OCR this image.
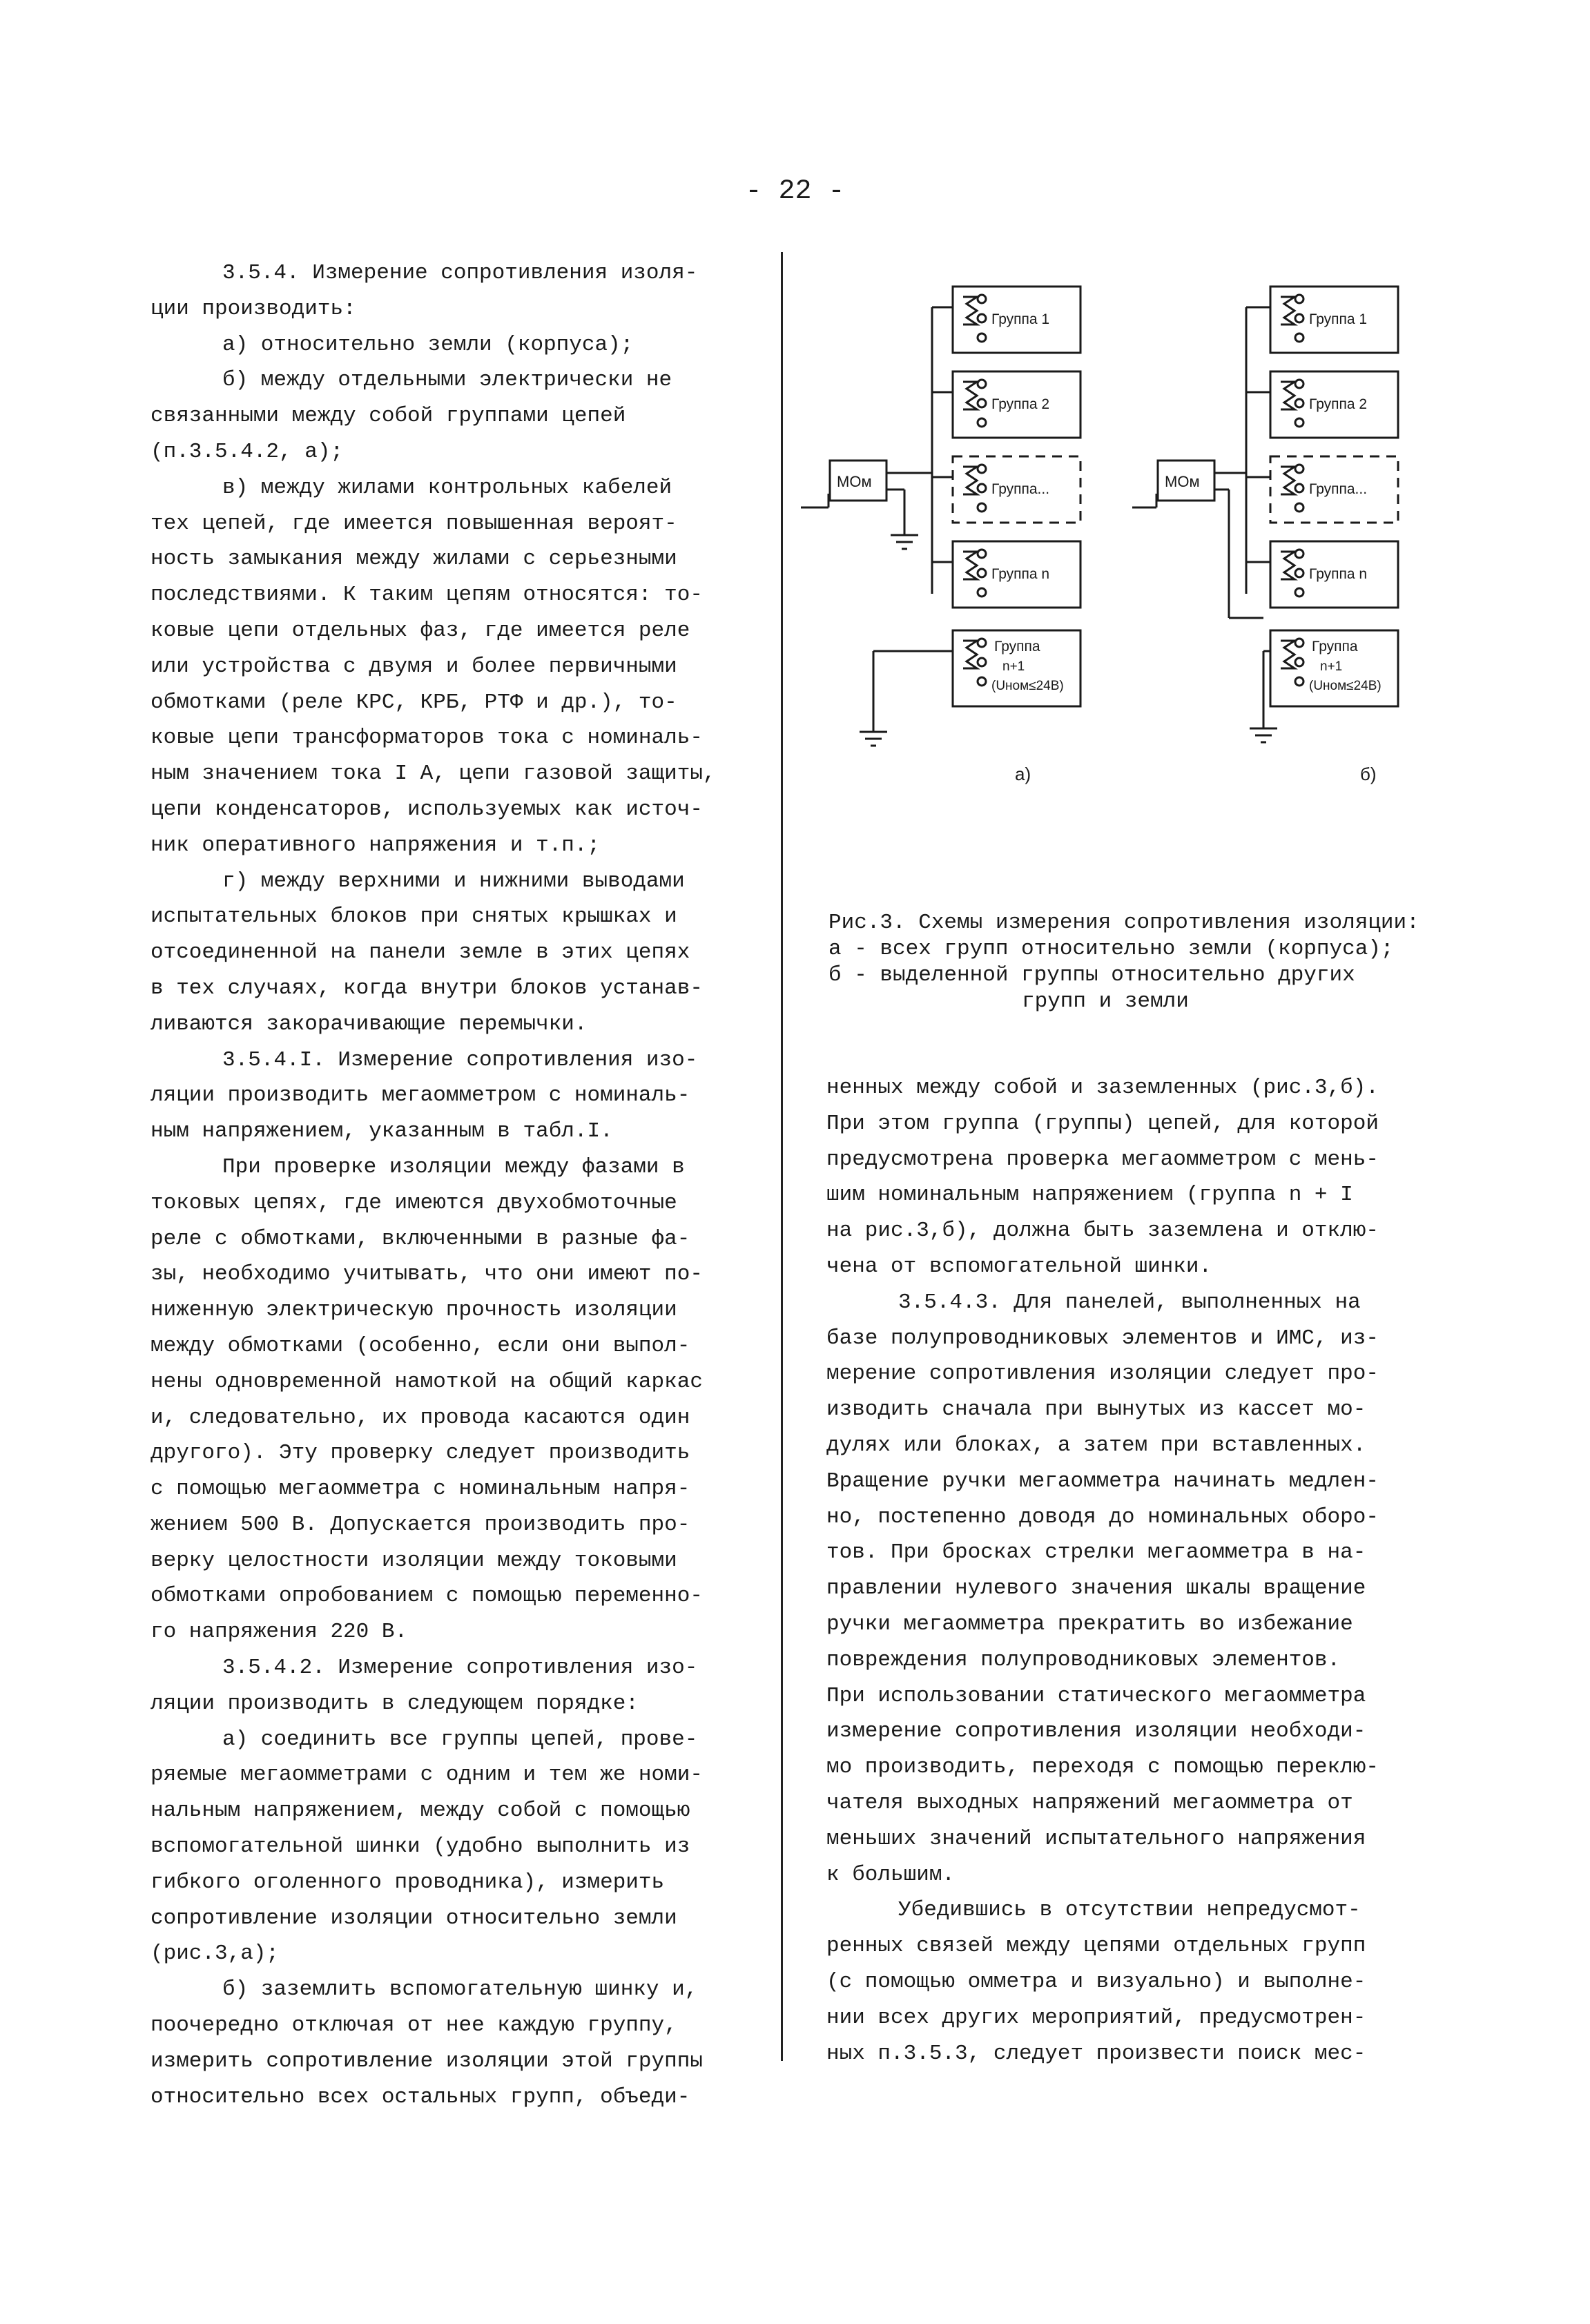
- 22 -

3.5.4. Измерение сопротивления изоля-

ции производить:

а) относительно земли (корпуса);

б) между отдельными электрически не

связанными между собой группами цепей

(п.3.5.4.2, а);

в) между жилами контрольных кабелей

тех цепей, где имеется повышенная вероят-

ность замыкания между жилами с серьезными

последствиями. К таким цепям относятся: то-

ковые цепи отдельных фаз, где имеется реле

или устройства с двумя и более первичными

обмотками (реле КРС, КРБ, РТФ и др.), то-

ковые цепи трансформаторов тока с номиналь-

ным значением тока I А, цепи газовой защиты,

цепи конденсаторов, используемых как источ-

ник оперативного напряжения и т.п.;

г) между верхними и нижними выводами

испытательных блоков при снятых крышках и

отсоединенной на панели земле в этих цепях

в тех случаях, когда внутри блоков устанав-

ливаются закорачивающие перемычки.

3.5.4.I. Измерение сопротивления изо-

ляции производить мегаомметром с номиналь-

ным напряжением, указанным в табл.I.

При проверке изоляции между фазами в

токовых цепях, где имеются двухобмоточные

реле с обмотками, включенными в разные фа-

зы, необходимо учитывать, что они имеют по-

ниженную электрическую прочность изоляции

между обмотками (особенно, если они выпол-

нены одновременной намоткой на общий каркас

и, следовательно, их провода касаются один

другого). Эту проверку следует производить

с помощью мегаомметра с номинальным напря-

жением 500 В. Допускается производить про-

верку целостности изоляции между токовыми

обмотками опробованием с помощью переменно-

го напряжения 220 В.

3.5.4.2. Измерение сопротивления изо-

ляции производить в следующем порядке:

а) соединить все группы цепей, прове-

ряемые мегаомметрами с одним и тем же номи-

нальным напряжением, между собой с помощью

вспомогательной шинки (удобно выполнить из

гибкого оголенного проводника), измерить

сопротивление изоляции относительно земли

(рис.3,а);

б) заземлить вспомогательную шинку и,

поочередно отключая от нее каждую группу,

измерить сопротивление изоляции этой группы

относительно всех остальных групп, объеди-

МОм
Группа 1
Группа 2
Группа...
Группа n
Группа
n+1
(Uном≤24В)
а)
МОм
Группа 1
Группа 2
Группа...
Группа n
Группа
n+1
(Uном≤24В)
б)
Рис.3. Схемы измерения сопротивления изоляции:
а - всех групп относительно земли (корпуса);
б - выделенной группы относительно других
групп и земли

ненных между собой и заземленных (рис.3,б).

При этом группа (группы) цепей, для которой

предусмотрена проверка мегаомметром с мень-

шим номинальным напряжением (группа n + I

на рис.3,б), должна быть заземлена и отклю-

чена от вспомогательной шинки.

3.5.4.3. Для панелей, выполненных на

базе полупроводниковых элементов и ИМС, из-

мерение сопротивления изоляции следует про-

изводить сначала при вынутых из кассет мо-

дулях или блоках, а затем при вставленных.

Вращение ручки мегаомметра начинать медлен-

но, постепенно доводя до номинальных оборо-

тов. При бросках стрелки мегаомметра в на-

правлении нулевого значения шкалы вращение

ручки мегаомметра прекратить во избежание

повреждения полупроводниковых элементов.

При использовании статического мегаомметра

измерение сопротивления изоляции необходи-

мо производить, переходя с помощью переклю-

чателя выходных напряжений мегаомметра от

меньших значений испытательного напряжения

к большим.

Убедившись в отсутствии непредусмот-

ренных связей между цепями отдельных групп

(с помощью омметра и визуально) и выполне-

нии всех других мероприятий, предусмотрен-

ных п.3.5.3, следует произвести поиск мес-
